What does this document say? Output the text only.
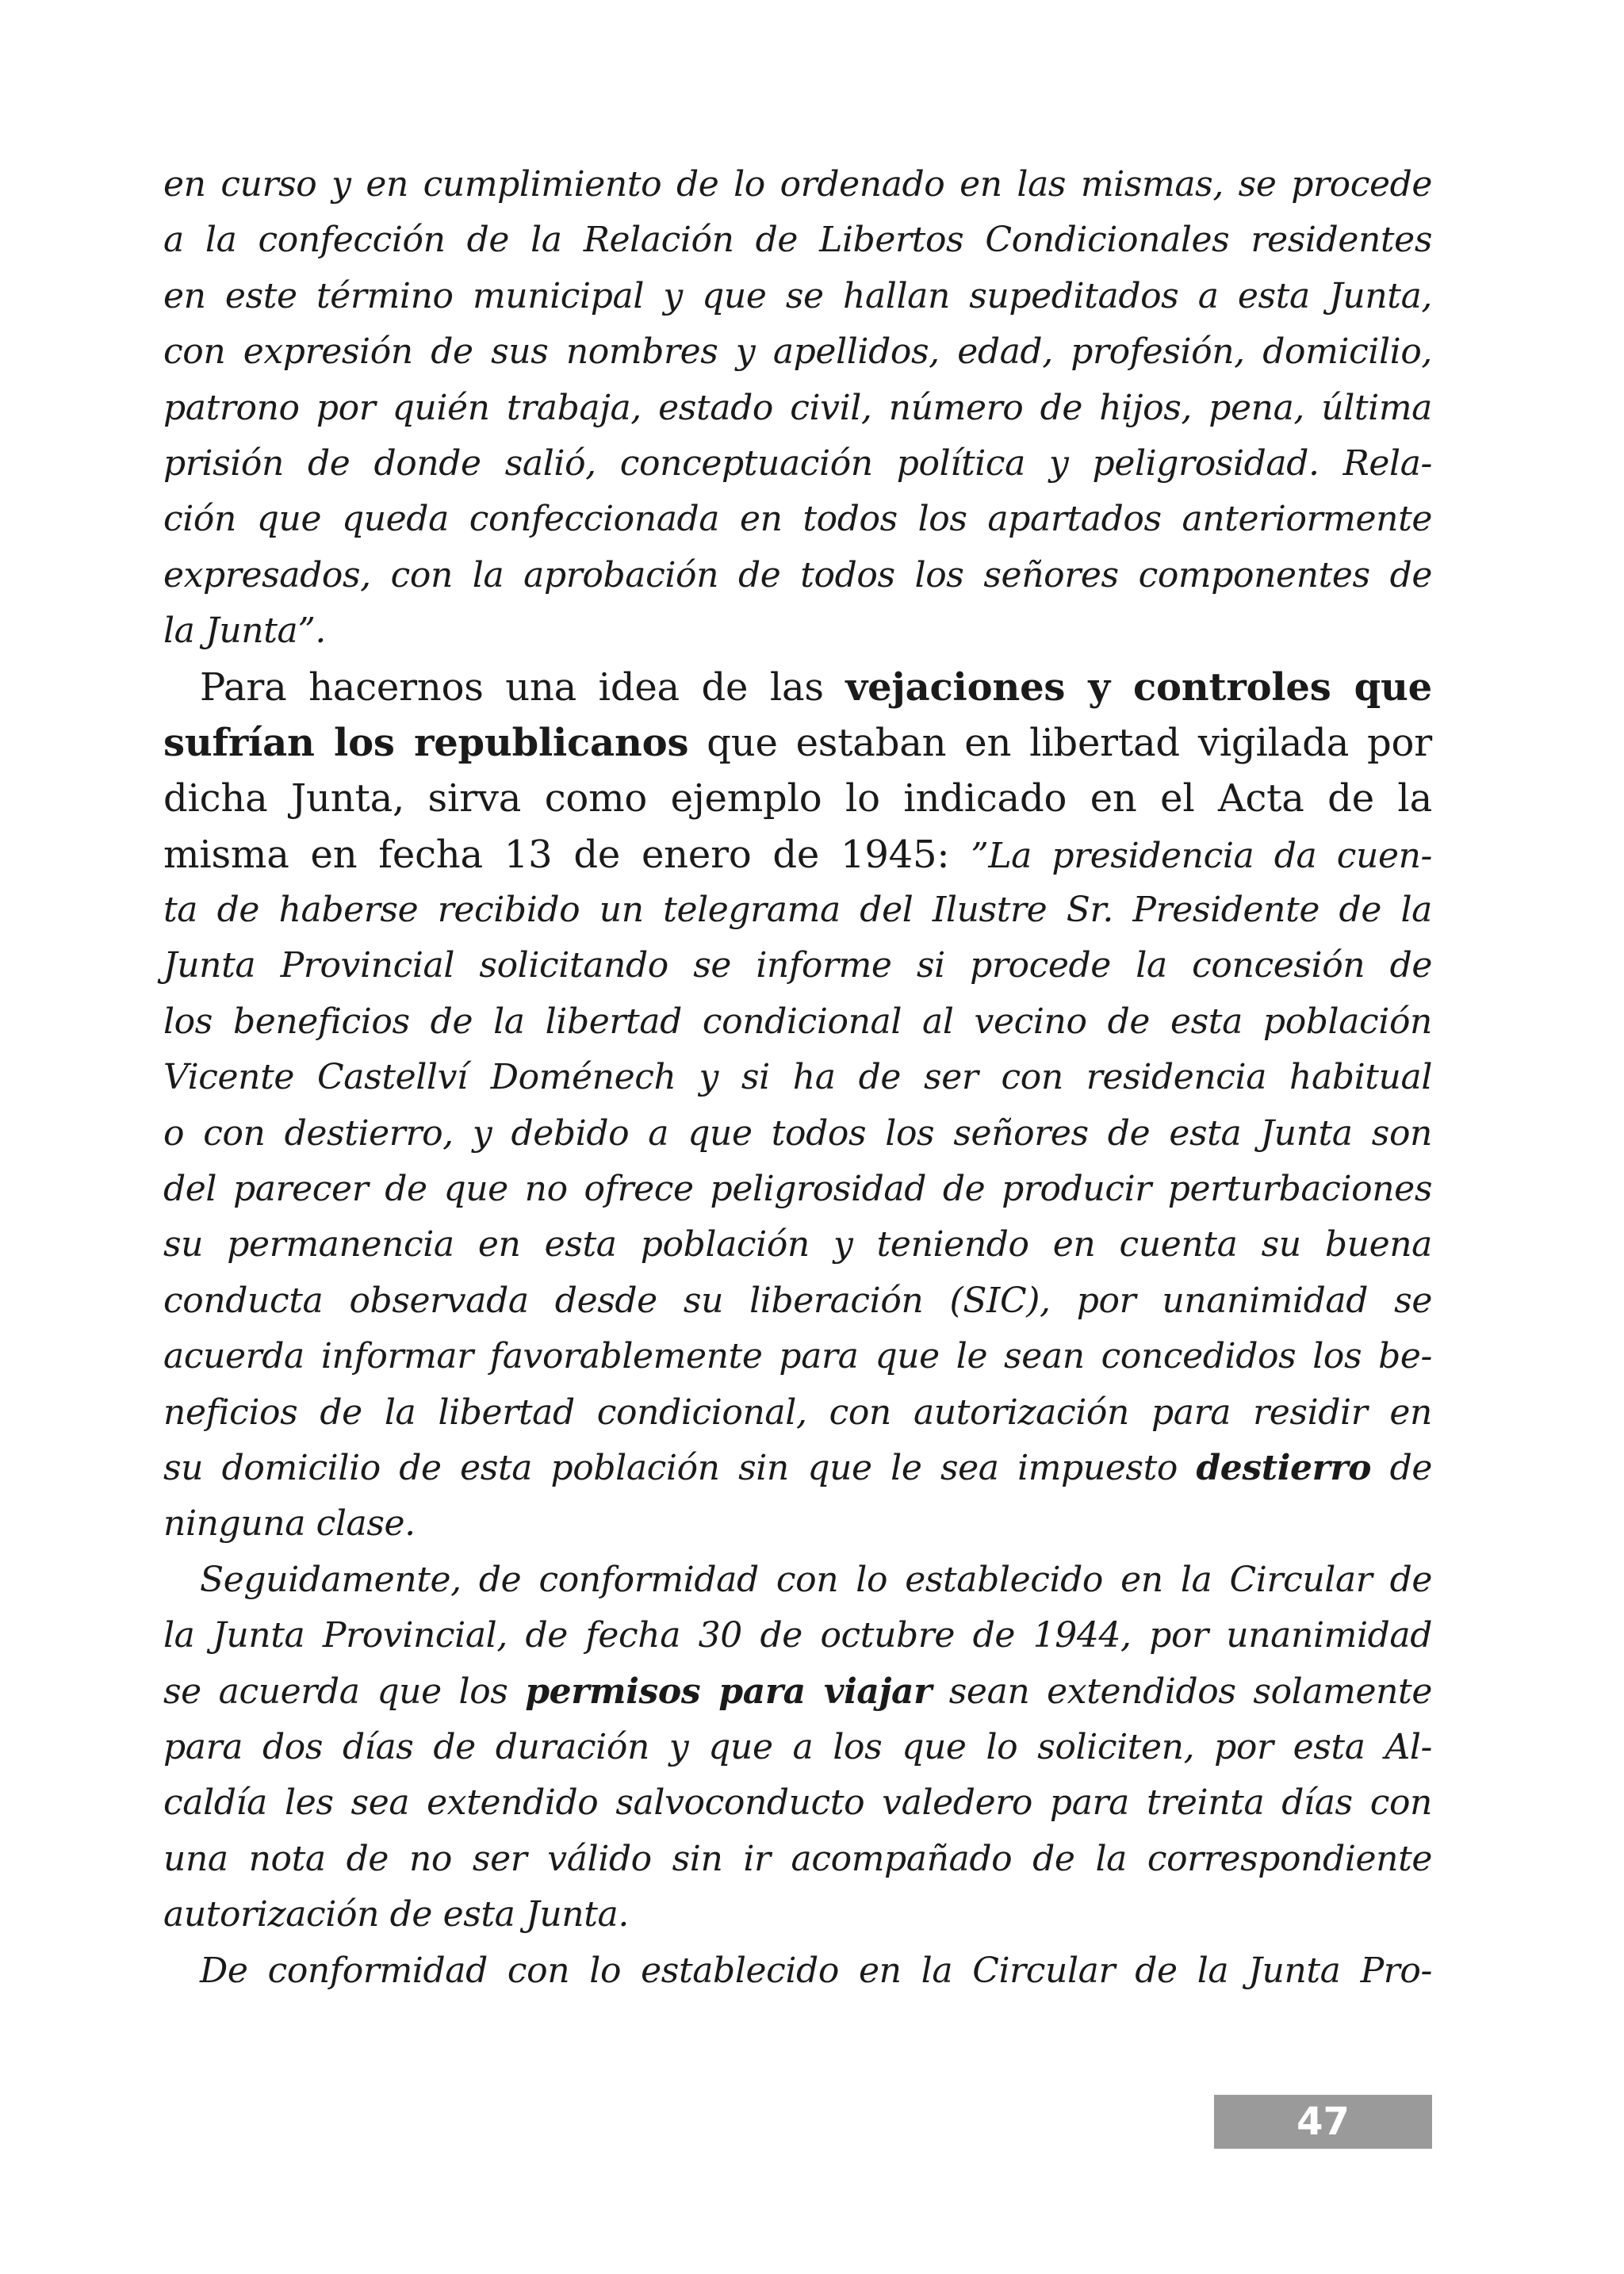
en curso y en cumplimiento de lo ordenado en las mismas, se procede
a la confección de la Relación de Libertos Condicionales residentes
en este término municipal y que se hallan supeditados a esta Junta,
con expresión de sus nombres y apellidos, edad, profesión, domicilio,
patrono por quién trabaja, estado civil, número de hijos, pena, última
prisión de donde salió, conceptuación política y peligrosidad. Rela-
ción que queda confeccionada en todos los apartados anteriormente
expresados, con la aprobación de todos los señores componentes de
la Junta”.
Para hacernos una idea de las vejaciones y controles que
sufrían los republicanos que estaban en libertad vigilada por
dicha Junta, sirva como ejemplo lo indicado en el Acta de la
misma en fecha 13 de enero de 1945: ”La presidencia da cuen-
ta de haberse recibido un telegrama del Ilustre Sr. Presidente de la
Junta Provincial solicitando se informe si procede la concesión de
los beneficios de la libertad condicional al vecino de esta población
Vicente Castellví Doménech y si ha de ser con residencia habitual
o con destierro, y debido a que todos los señores de esta Junta son
del parecer de que no ofrece peligrosidad de producir perturbaciones
su permanencia en esta población y teniendo en cuenta su buena
conducta observada desde su liberación (SIC), por unanimidad se
acuerda informar favorablemente para que le sean concedidos los be-
neficios de la libertad condicional, con autorización para residir en
su domicilio de esta población sin que le sea impuesto destierro de
ninguna clase.
Seguidamente, de conformidad con lo establecido en la Circular de
la Junta Provincial, de fecha 30 de octubre de 1944, por unanimidad
se acuerda que los permisos para viajar sean extendidos solamente
para dos días de duración y que a los que lo soliciten, por esta Al-
caldía les sea extendido salvoconducto valedero para treinta días con
una nota de no ser válido sin ir acompañado de la correspondiente
autorización de esta Junta.
De conformidad con lo establecido en la Circular de la Junta Pro-
47
